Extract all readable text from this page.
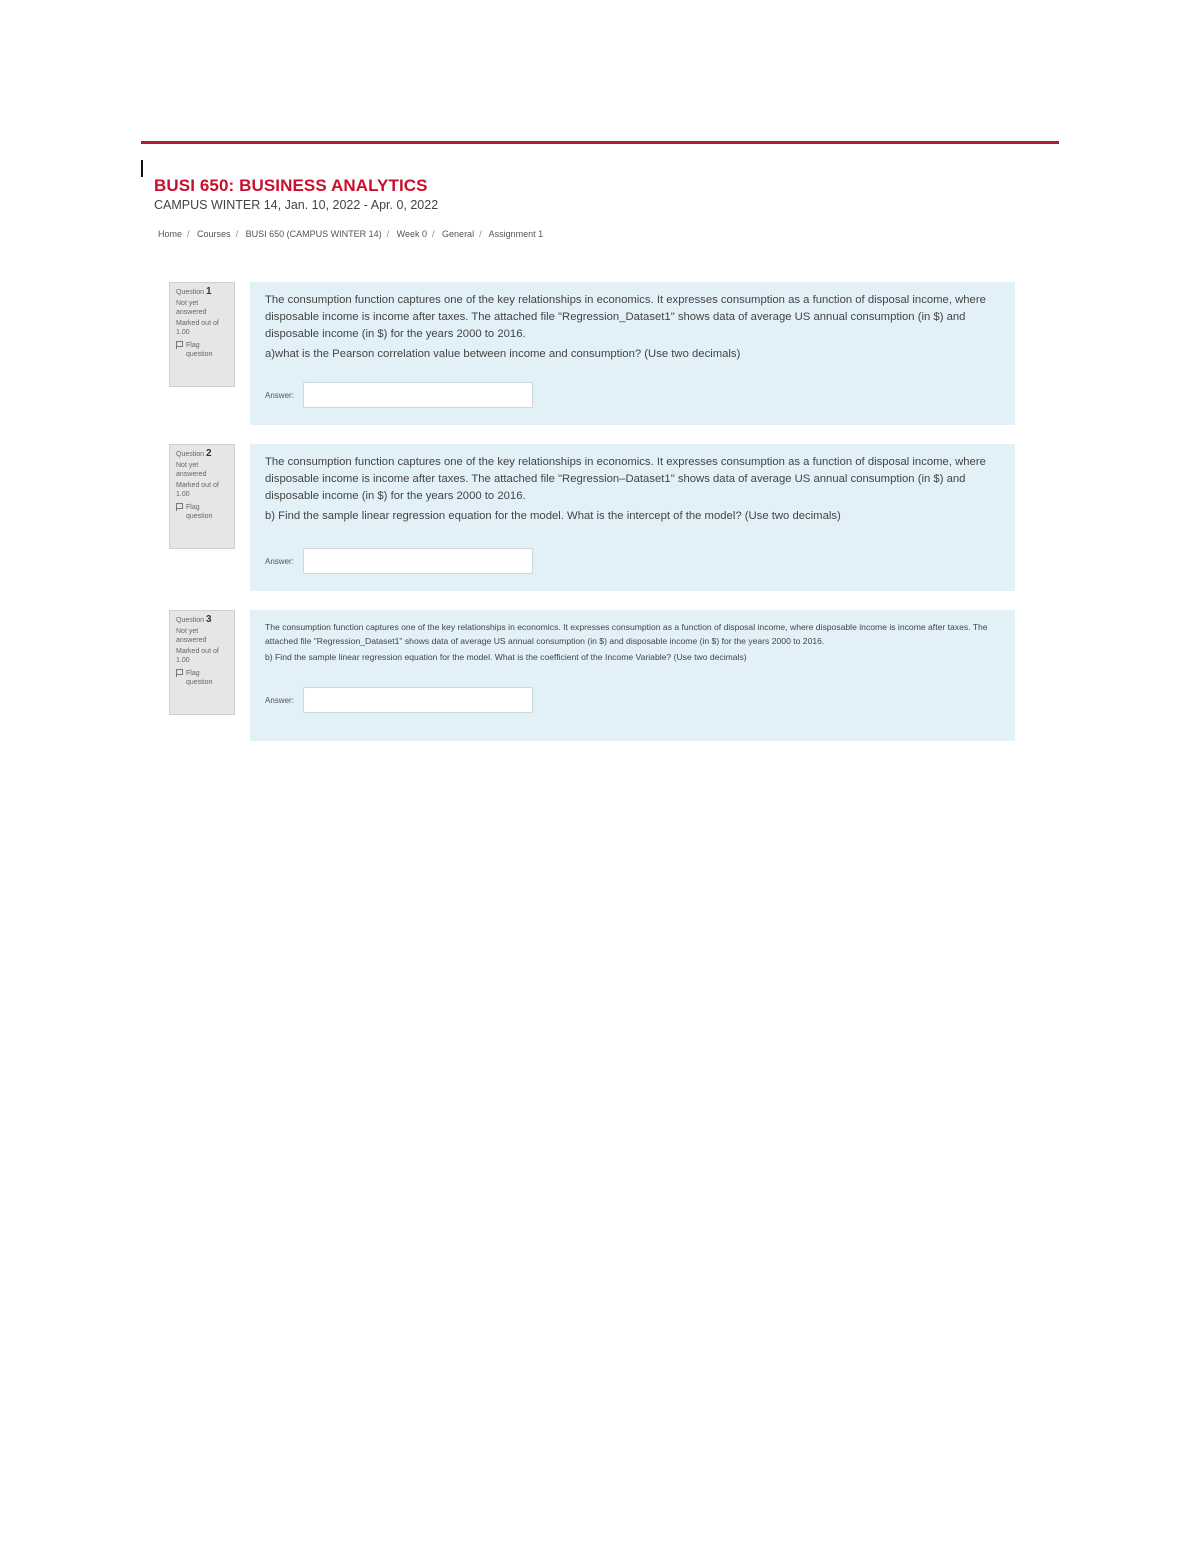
BUSI 650: BUSINESS ANALYTICS
CAMPUS WINTER 14, Jan. 10, 2022 - Apr. 0, 2022
Home / Courses / BUSI 650 (CAMPUS WINTER 14) / Week 0 / General / Assignment 1
Question 1
Not yet answered
Marked out of 1.00
Flag question
The consumption function captures one of the key relationships in economics. It expresses consumption as a function of disposal income, where disposable income is income after taxes. The attached file "Regression_Dataset1" shows data of average US annual consumption (in $) and disposable income (in $) for the years 2000 to 2016.
a)what is the Pearson correlation value between income and consumption? (Use two decimals)
Answer:
Question 2
Not yet answered
Marked out of 1.00
Flag question
The consumption function captures one of the key relationships in economics. It expresses consumption as a function of disposal income, where disposable income is income after taxes. The attached file "Regression–Dataset1" shows data of average US annual consumption (in $) and disposable income (in $) for the years 2000 to 2016.
b) Find the sample linear regression equation for the model. What is the intercept of the model? (Use two decimals)
Answer:
Question 3
Not yet answered
Marked out of 1.00
Flag question
The consumption function captures one of the key relationships in economics. It expresses consumption as a function of disposal income, where disposable income is income after taxes. The attached file "Regression_Dataset1" shows data of average US annual consumption (in $) and disposable income (in $) for the years 2000 to 2016.
b) Find the sample linear regression equation for the model. What is the coefficient of the Income Variable? (Use two decimals)
Answer:
